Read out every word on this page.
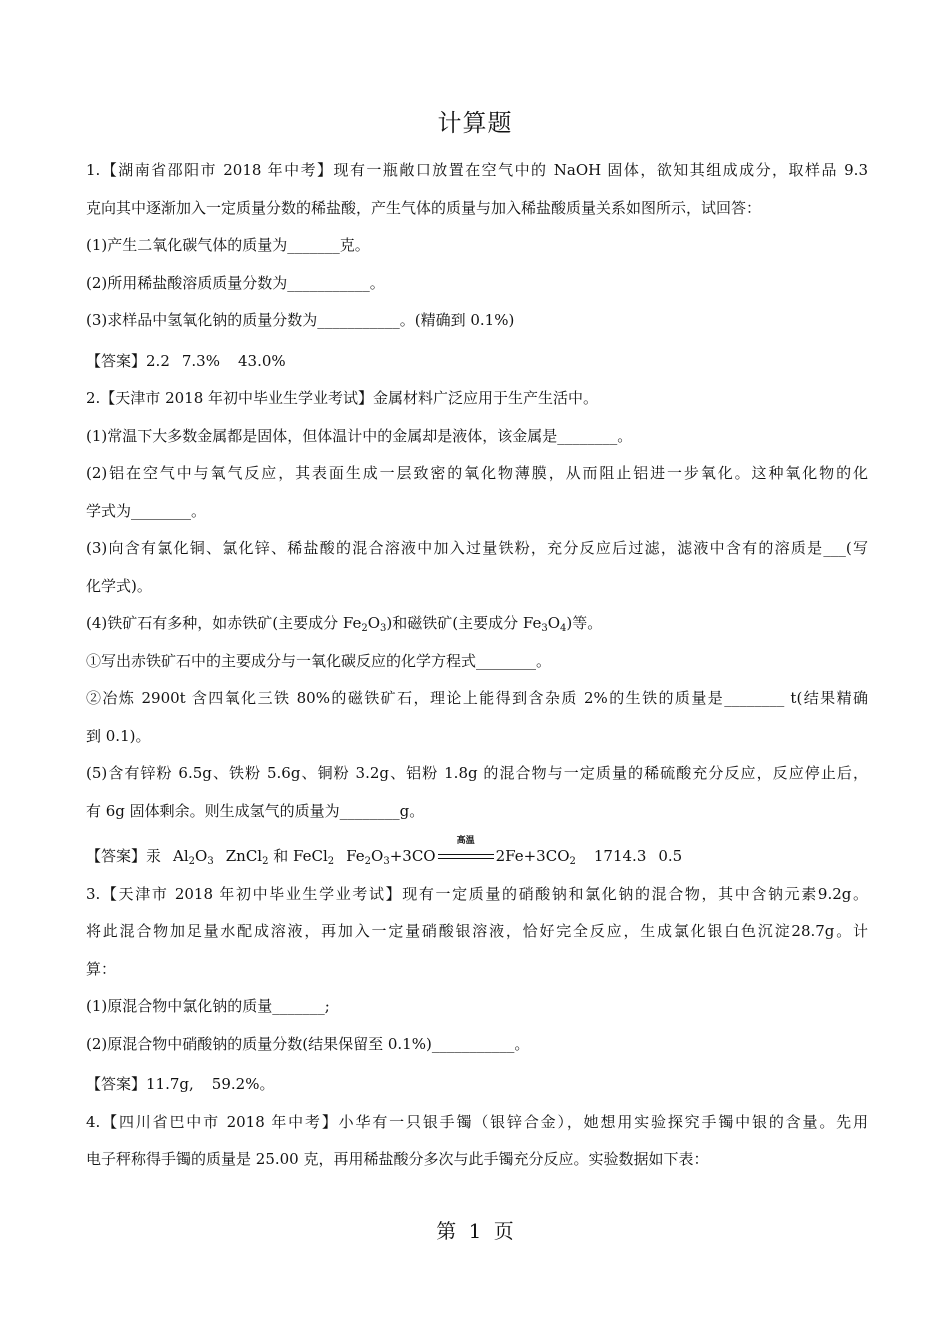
计算题

1.【湖南省邵阳市 2018 年中考】现有一瓶敞口放置在空气中的 NaOH 固体，欲知其组成成分，取样品 9.3

克向其中逐渐加入一定质量分数的稀盐酸，产生气体的质量与加入稀盐酸质量关系如图所示，试回答：

(1)产生二氧化碳气体的质量为_______克。

(2)所用稀盐酸溶质质量分数为___________。

(3)求样品中氢氧化钠的质量分数为___________。(精确到 0.1%)

【答案】2.2 7.3% 43.0%

2.【天津市 2018 年初中毕业生学业考试】金属材料广泛应用于生产生活中。

(1)常温下大多数金属都是固体，但体温计中的金属却是液体，该金属是________。

(2)铝在空气中与氧气反应，其表面生成一层致密的氧化物薄膜，从而阻止铝进一步氧化。这种氧化物的化

学式为________。

(3)向含有氯化铜、氯化锌、稀盐酸的混合溶液中加入过量铁粉，充分反应后过滤，滤液中含有的溶质是___(写

化学式)。

(4)铁矿石有多种，如赤铁矿(主要成分 $Fe_2O_3$)和磁铁矿(主要成分 $Fe_3O_4$)等。

①写出赤铁矿石中的主要成分与一氧化碳反应的化学方程式________。

②冶炼 2900t 含四氧化三铁 80%的磁铁矿石，理论上能得到含杂质 2%的生铁的质量是________ t(结果精确

到 0.1)。

(5)含有锌粉 6.5g、铁粉 5.6g、铜粉 3.2g、铝粉 1.8g 的混合物与一定质量的稀硫酸充分反应，反应停止后，

有 6g 固体剩余。则生成氢气的质量为________g。

【答案】汞 $Al_2O_3$ ZnCl$_2$ 和 FeCl$_2$ $Fe_2O_3+3CO$
高温
$2Fe+3CO_2$ 1714.3 0.5

3.【天津市 2018 年初中毕业生学业考试】现有一定质量的硝酸钠和氯化钠的混合物，其中含钠元素9.2g。

将此混合物加足量水配成溶液，再加入一定量硝酸银溶液，恰好完全反应，生成氯化银白色沉淀28.7g。计

算：

(1)原混合物中氯化钠的质量_______;

(2)原混合物中硝酸钠的质量分数(结果保留至 0.1%)___________。

【答案】11.7g, 59.2%。

4.【四川省巴中市 2018 年中考】小华有一只银手镯（银锌合金），她想用实验探究手镯中银的含量。先用

电子秤称得手镯的质量是 25.00 克，再用稀盐酸分多次与此手镯充分反应。实验数据如下表：

第 1 页
